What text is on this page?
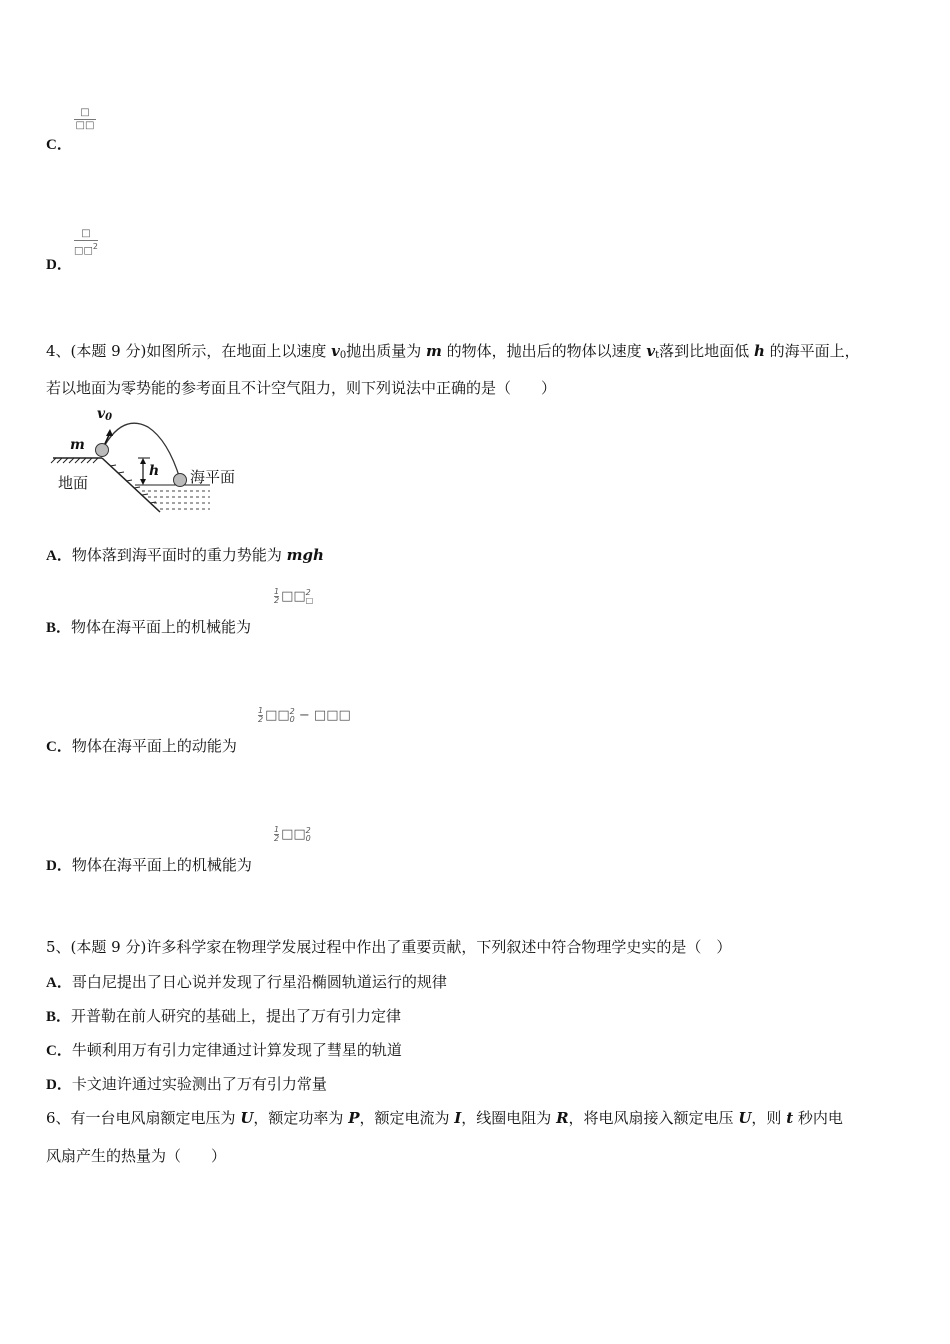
□
□□
C．
□
□□$^2$
D．
4、(本题 9 分)如图所示，在地面上以速度 $v_0$抛出质量为 m 的物体，抛出后的物体以速度 $v_t$落到比地面低 h 的海平面上，
若以地面为零势能的参考面且不计空气阻力，则下列说法中正确的是（　　）
$v_0$
m
h
地面	海平面
A．物体落到海平面时的重力势能为 mgh
$\frac{1}{2}$ □□ 2
□
B．物体在海平面上的机械能为
$\frac{1}{2}$ □□ 2
0 − □□□
C．物体在海平面上的动能为
$\frac{1}{2}$ □□ 2
0
D．物体在海平面上的机械能为
5、(本题 9 分)许多科学家在物理学发展过程中作出了重要贡献，下列叙述中符合物理学史实的是（　）
A．哥白尼提出了日心说并发现了行星沿椭圆轨道运行的规律
B．开普勒在前人研究的基础上，提出了万有引力定律
C．牛顿利用万有引力定律通过计算发现了彗星的轨道
D．卡文迪许通过实验测出了万有引力常量
6、有一台电风扇额定电压为 U，额定功率为 P，额定电流为 I，线圈电阻为 R，将电风扇接入额定电压 U，则 t 秒内电
风扇产生的热量为（　　）
